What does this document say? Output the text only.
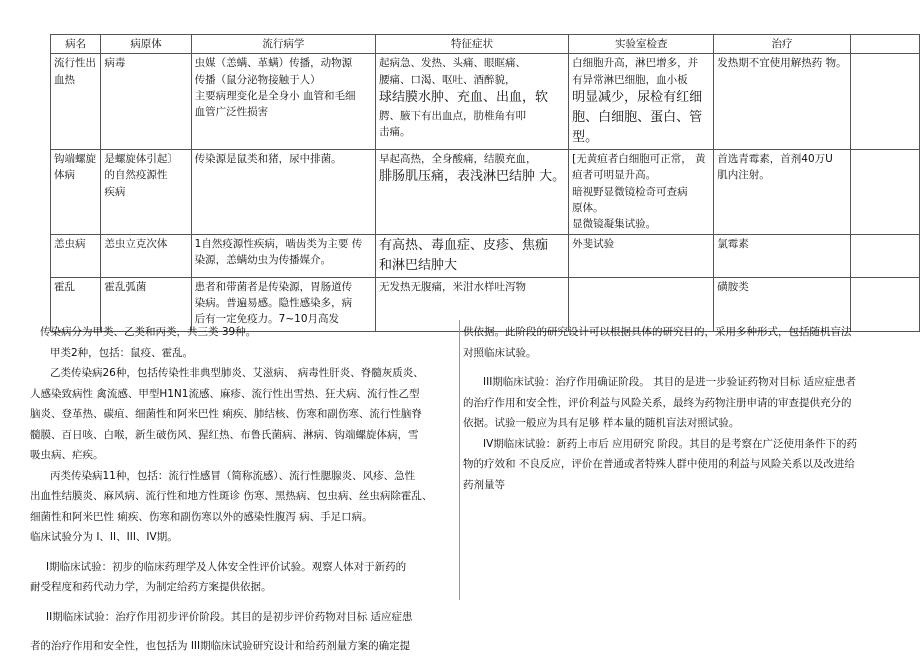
病名	病原体	流行病学	特征症状	实验室检查	治疗	
流行性出血热	病毒	虫媒（恙螨、革螨）传播，动物源
传播（鼠分泌物接触于人）
主要病理变化是全身小 血管和毛细
血管广泛性损害	起病急、发热、头痛、眼眶痛、
腰痛、口渴、呕吐、酒醉貌，
球结膜水肿、充血、出血，软
腭、腋下有出血点，肋椎角有叩
击痛。	白细胞升高，淋巴增多，并
有异常淋巴细胞，血小板
明显减少，尿检有红细
胞、白细胞、蛋白、管
型。	发热期不宜使用解热药 物。	

钩端螺旋体病	是螺旋体引起〕
的自然疫源性
疾病	传染源是鼠类和猪，尿中排菌。	早起高热，全身酸痛，结膜充血，
腓肠肌压痛，表浅淋巴结肿 大。	[无黄疸者白细胞可正常， 黄
疸者可明显升高。
暗视野显微镜检奇可查病
原体。
显微镜凝集试验。	首选青霉素，首剂40万U
肌内注射。	

恙虫病	恙虫立克次体	1自然疫源性疾病，啮齿类为主要 传
染源，恙螨幼虫为传播媒介。	有高热、毒血症、皮疹、焦痂
和淋巴结肿大	外斐试验	氯霉素	

霍乱	霍乱弧菌	患者和带菌者是传染源，胃肠道传
染病。普遍易感。隐性感染多，病
后有一定免疫力。7~10月高发	无发热无腹痛，米泔水样吐泻物		磺胺类	

传染病分为甲类、乙类和丙类，共三类 39种。

甲类2种，包括：鼠疫、霍乱。

乙类传染病26种，包括传染性非典型肺炎、艾滋病、 病毒性肝炎、脊髓灰质炎、

人感染致病性 禽流感、甲型H1N1流感、麻疹、流行性出雪热、狂犬病、流行性乙型

脑炎、登革热、碳疽、细菌性和阿米巴性 痢疾、肺结核、伤寒和副伤寒、流行性脑脊

髓膜、百日咳、白喉，新生破伤风、猩红热、布鲁氏菌病、淋病、钩端螺旋体病，雪

吸虫病、疟疾。

丙类传染病11种，包括：流行性感冒（简称流感）、流行性腮腺炎、风疹、急性

出血性结膜炎、麻风病、流行性和地方性斑诊 伤寒、黑热病、包虫病、丝虫病除霍乱、

细菌性和阿米巴性 痢疾、伤寒和副伤寒以外的感染性腹泻 病、手足口病。

临床试验分为 I、II、III、IV期。

I期临床试验：初步的临床药理学及人体安全性评价试验。观察人体对于新药的

耐受程度和药代动力学，为制定给药方案提供依据。

II期临床试验：治疗作用初步评价阶段。其目的是初步评价药物对目标 适应症患

者的治疗作用和安全性，也包括为 III期临床试验研究设计和给药剂量方案的确定提

供依据。此阶段的研究设计可以根据具体的研究目的，采用多种形式，包括随机盲法

对照临床试验。

III期临床试验：治疗作用确证阶段。 其目的是进一步验证药物对目标 适应症患者

的治疗作用和安全性，评价利益与风险关系，最终为药物注册申请的审查提供充分的

依据。试验一般应为具有足够 样本量的随机盲法对照试验。

IV期临床试验：新药上市后 应用研究 阶段。其目的是考察在广泛使用条件下的药

物的疗效和 不良反应，评价在普通或者特殊人群中使用的利益与风险关系以及改进给

药剂量等
